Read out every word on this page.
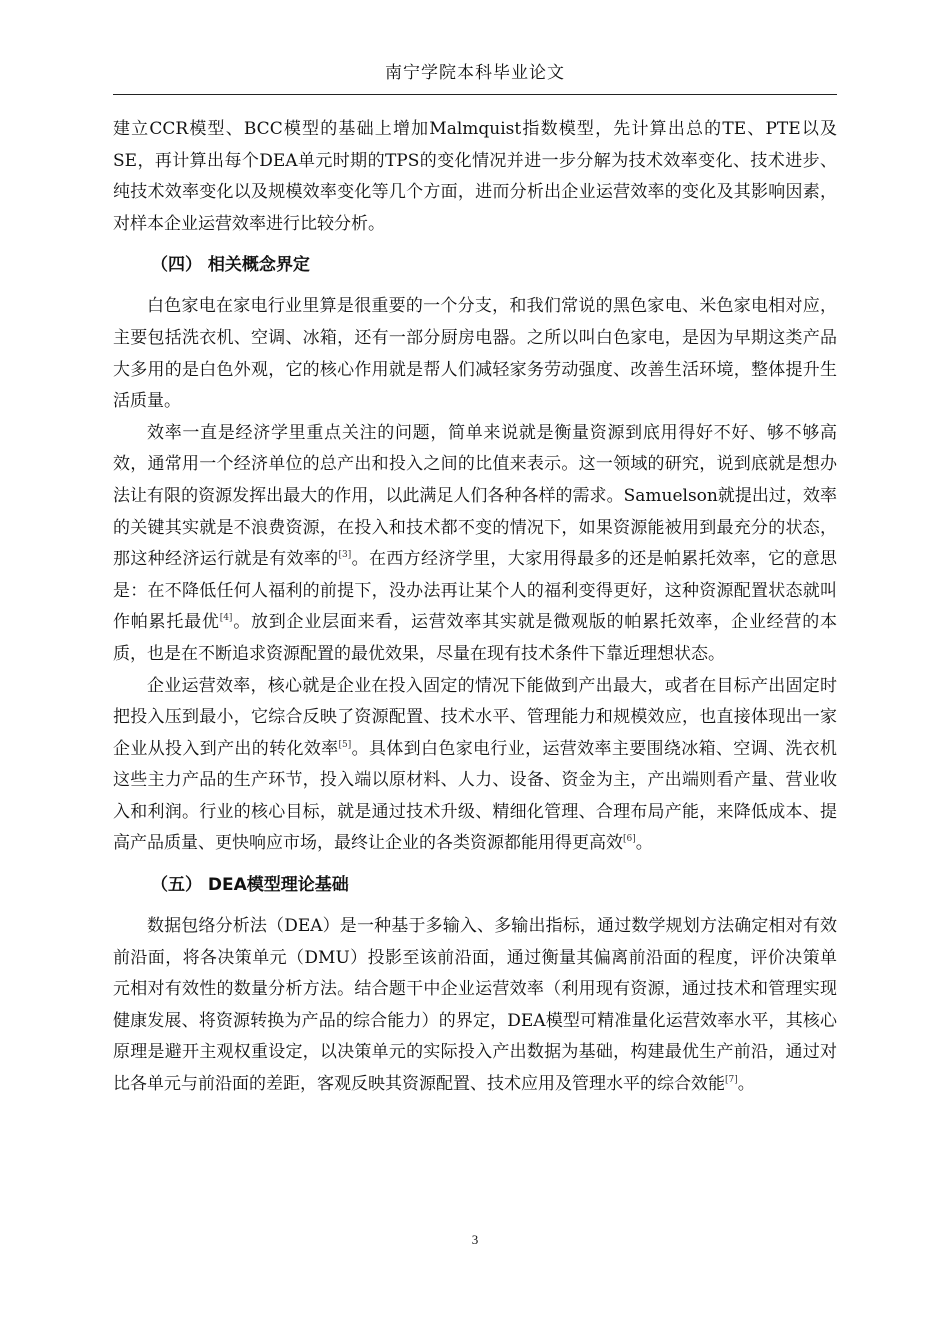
南宁学院本科毕业论文

建立CCR模型、BCC模型的基础上增加Malmquist指数模型，先计算出总的TE、PTE以及SE，再计算出每个DEA单元时期的TPS的变化情况并进一步分解为技术效率变化、技术进步、纯技术效率变化以及规模效率变化等几个方面，进而分析出企业运营效率的变化及其影响因素，对样本企业运营效率进行比较分析。

（四） 相关概念界定

白色家电在家电行业里算是很重要的一个分支，和我们常说的黑色家电、米色家电相对应，主要包括洗衣机、空调、冰箱，还有一部分厨房电器。之所以叫白色家电，是因为早期这类产品大多用的是白色外观，它的核心作用就是帮人们减轻家务劳动强度、改善生活环境，整体提升生活质量。

效率一直是经济学里重点关注的问题，简单来说就是衡量资源到底用得好不好、够不够高效，通常用一个经济单位的总产出和投入之间的比值来表示。这一领域的研究，说到底就是想办法让有限的资源发挥出最大的作用，以此满足人们各种各样的需求。Samuelson就提出过，效率的关键其实就是不浪费资源，在投入和技术都不变的情况下，如果资源能被用到最充分的状态，那这种经济运行就是有效率的[3]。在西方经济学里，大家用得最多的还是帕累托效率，它的意思是：在不降低任何人福利的前提下，没办法再让某个人的福利变得更好，这种资源配置状态就叫作帕累托最优[4]。放到企业层面来看，运营效率其实就是微观版的帕累托效率，企业经营的本质，也是在不断追求资源配置的最优效果，尽量在现有技术条件下靠近理想状态。

企业运营效率，核心就是企业在投入固定的情况下能做到产出最大，或者在目标产出固定时把投入压到最小，它综合反映了资源配置、技术水平、管理能力和规模效应，也直接体现出一家企业从投入到产出的转化效率[5]。具体到白色家电行业，运营效率主要围绕冰箱、空调、洗衣机这些主力产品的生产环节，投入端以原材料、人力、设备、资金为主，产出端则看产量、营业收入和利润。行业的核心目标，就是通过技术升级、精细化管理、合理布局产能，来降低成本、提高产品质量、更快响应市场，最终让企业的各类资源都能用得更高效[6]。

（五） DEA模型理论基础

数据包络分析法（DEA）是一种基于多输入、多输出指标，通过数学规划方法确定相对有效前沿面，将各决策单元（DMU）投影至该前沿面，通过衡量其偏离前沿面的程度，评价决策单元相对有效性的数量分析方法。结合题干中企业运营效率（利用现有资源，通过技术和管理实现健康发展、将资源转换为产品的综合能力）的界定，DEA模型可精准量化运营效率水平，其核心原理是避开主观权重设定，以决策单元的实际投入产出数据为基础，构建最优生产前沿，通过对比各单元与前沿面的差距，客观反映其资源配置、技术应用及管理水平的综合效能[7]。

3
